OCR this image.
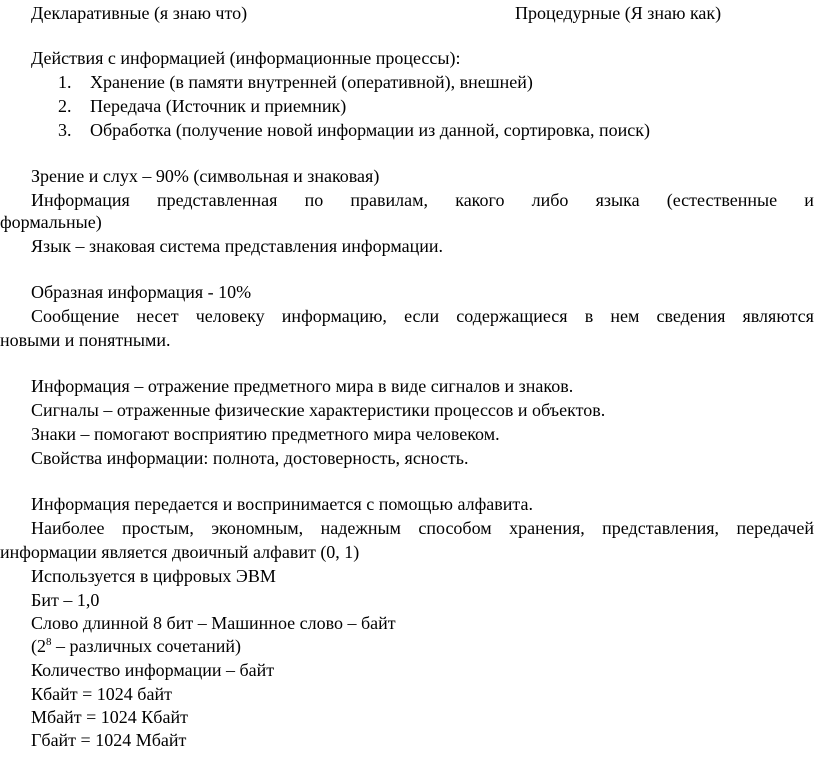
Декларативные (я знаю что)	Процедурные (Я знаю как)
Действия с информацией (информационные процессы):
1. Хранение (в памяти внутренней (оперативной), внешней)
2. Передача (Источник и приемник)
3. Обработка (получение новой информации из данной, сортировка, поиск)
Зрение и слух – 90% (символьная и знаковая)
Информация представленная по правилам, какого либо языка (естественные и
формальные)
Язык – знаковая система представления информации.
Образная информация - 10%
Сообщение несет человеку информацию, если содержащиеся в нем сведения являются
новыми и понятными.
Информация – отражение предметного мира в виде сигналов и знаков.
Сигналы – отраженные физические характеристики процессов и объектов.
Знаки – помогают восприятию предметного мира человеком.
Свойства информации: полнота, достоверность, ясность.
Информация передается и воспринимается с помощью алфавита.
Наиболее простым, экономным, надежным способом хранения, представления, передачей
информации является двоичный алфавит (0, 1)
Используется в цифровых ЭВМ
Бит – 1,0
Слово длинной 8 бит – Машинное слово – байт
($2^8$ – различных сочетаний)
Количество информации – байт
Кбайт = 1024 байт
Мбайт = 1024 Кбайт
Гбайт = 1024 Мбайт
